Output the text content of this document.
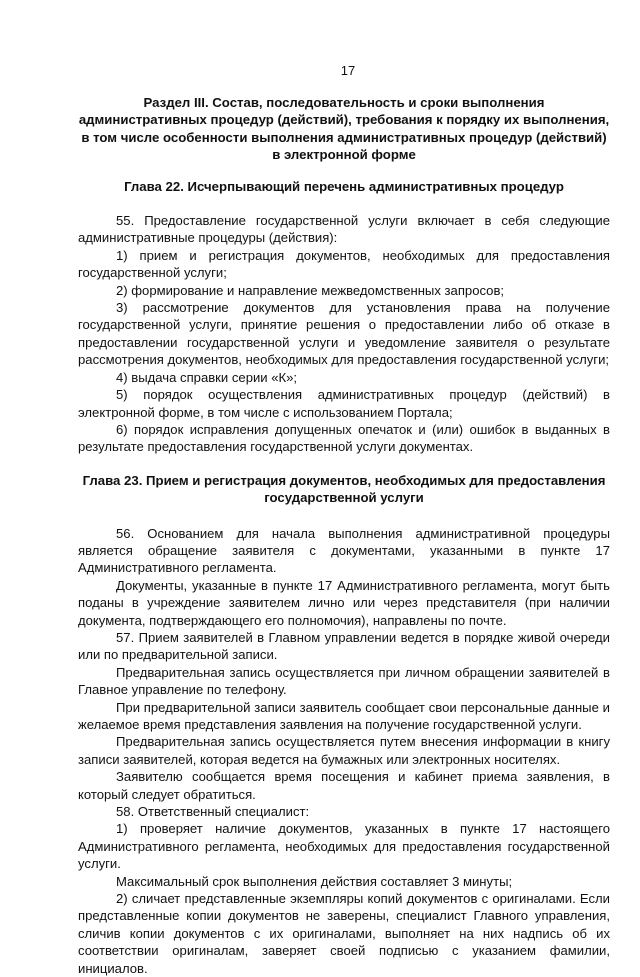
17
Раздел III. Состав, последовательность и сроки выполнения административных процедур (действий), требования к порядку их выполнения, в том числе особенности выполнения административных процедур (действий) в электронной форме
Глава 22. Исчерпывающий перечень административных процедур

55. Предоставление государственной услуги включает в себя следующие административные процедуры (действия):

1) прием и регистрация документов, необходимых для предоставления государственной услуги;

2) формирование и направление межведомственных запросов;

3) рассмотрение документов для установления права на получение государственной услуги, принятие решения о предоставлении либо об отказе в предоставлении государственной услуги и уведомление заявителя о результате рассмотрения документов, необходимых для предоставления государственной услуги;

4) выдача справки серии «К»;

5) порядок осуществления административных процедур (действий) в электронной форме, в том числе с использованием Портала;

6) порядок исправления допущенных опечаток и (или) ошибок в выданных в результате предоставления государственной услуги документах.

Глава 23. Прием и регистрация документов, необходимых для предоставления государственной услуги

56. Основанием для начала выполнения административной процедуры является обращение заявителя с документами, указанными в пункте 17 Административного регламента.

Документы, указанные в пункте 17 Административного регламента, могут быть поданы в учреждение заявителем лично или через представителя (при наличии документа, подтверждающего его полномочия), направлены по почте.

57. Прием заявителей в Главном управлении ведется в порядке живой очереди или по предварительной записи.

Предварительная запись осуществляется при личном обращении заявителей в Главное управление по телефону.

При предварительной записи заявитель сообщает свои персональные данные и желаемое время представления заявления на получение государственной услуги.

Предварительная запись осуществляется путем внесения информации в книгу записи заявителей, которая ведется на бумажных или электронных носителях.

Заявителю сообщается время посещения и кабинет приема заявления, в который следует обратиться.

58. Ответственный специалист:

1) проверяет наличие документов, указанных в пункте 17 настоящего Административного регламента, необходимых для предоставления государственной услуги.

Максимальный срок выполнения действия составляет 3 минуты;

2) сличает представленные экземпляры копий документов с оригиналами. Если представленные копии документов не заверены, специалист Главного управления, сличив копии документов с их оригиналами, выполняет на них надпись об их соответствии оригиналам, заверяет своей подписью с указанием фамилии, инициалов.
